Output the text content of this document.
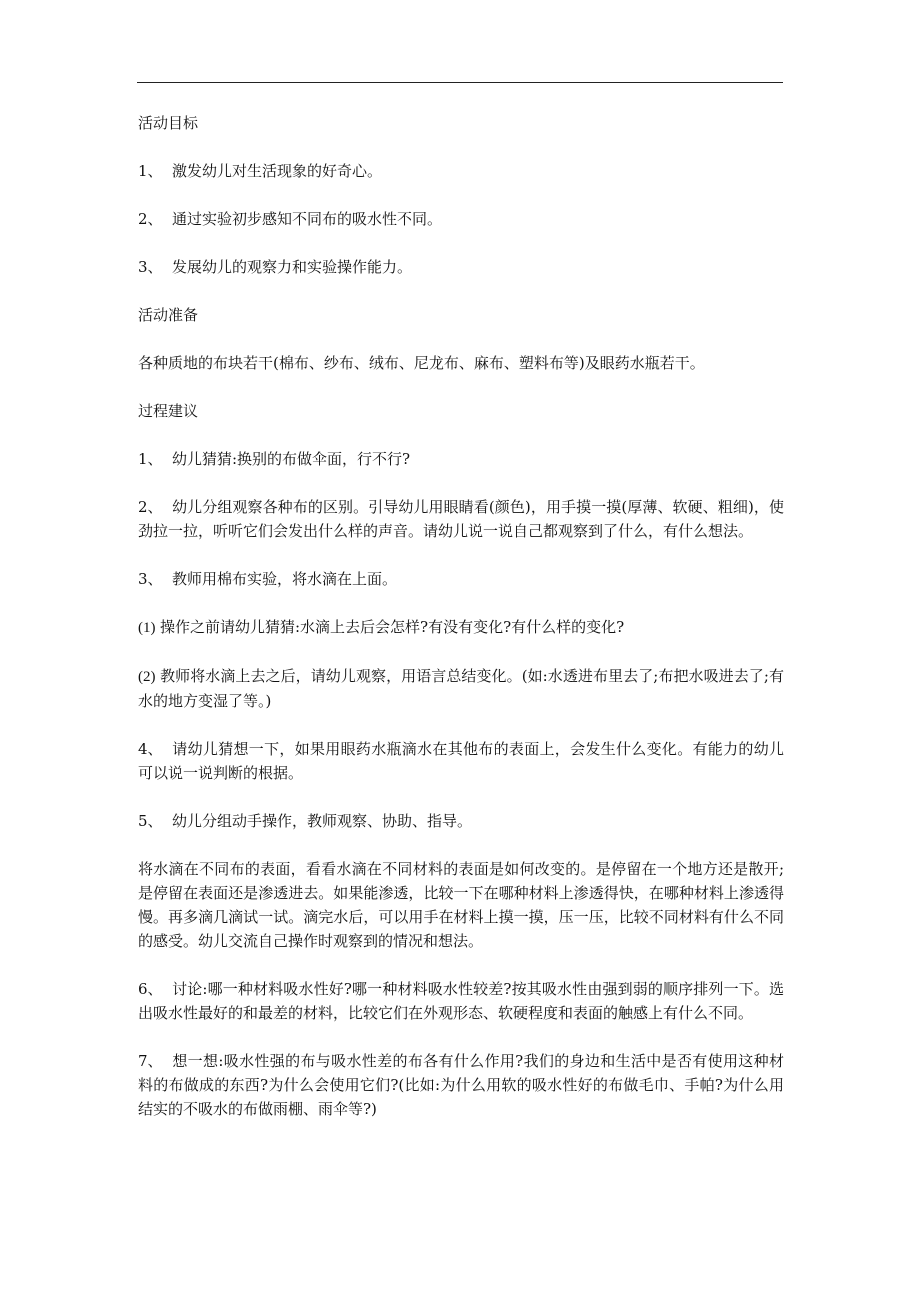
活动目标

1、 激发幼儿对生活现象的好奇心。

2、 通过实验初步感知不同布的吸水性不同。

3、 发展幼儿的观察力和实验操作能力。

活动准备

各种质地的布块若干(棉布、纱布、绒布、尼龙布、麻布、塑料布等)及眼药水瓶若干。

过程建议

1、 幼儿猜猜:换别的布做伞面，行不行?

2、 幼儿分组观察各种布的区别。引导幼儿用眼睛看(颜色)，用手摸一摸(厚薄、软硬、粗细)，使劲拉一拉，听听它们会发出什么样的声音。请幼儿说一说自己都观察到了什么，有什么想法。

3、 教师用棉布实验，将水滴在上面。

(1) 操作之前请幼儿猜猜:水滴上去后会怎样?有没有变化?有什么样的变化?

(2) 教师将水滴上去之后，请幼儿观察，用语言总结变化。(如:水透进布里去了;布把水吸进去了;有水的地方变湿了等。)

4、 请幼儿猜想一下，如果用眼药水瓶滴水在其他布的表面上，会发生什么变化。有能力的幼儿可以说一说判断的根据。

5、 幼儿分组动手操作，教师观察、协助、指导。

将水滴在不同布的表面，看看水滴在不同材料的表面是如何改变的。是停留在一个地方还是散开;是停留在表面还是渗透进去。如果能渗透，比较一下在哪种材料上渗透得快，在哪种材料上渗透得慢。再多滴几滴试一试。滴完水后，可以用手在材料上摸一摸，压一压，比较不同材料有什么不同的感受。幼儿交流自己操作时观察到的情况和想法。

6、 讨论:哪一种材料吸水性好?哪一种材料吸水性较差?按其吸水性由强到弱的顺序排列一下。选出吸水性最好的和最差的材料，比较它们在外观形态、软硬程度和表面的触感上有什么不同。

7、 想一想:吸水性强的布与吸水性差的布各有什么作用?我们的身边和生活中是否有使用这种材料的布做成的东西?为什么会使用它们?(比如:为什么用软的吸水性好的布做毛巾、手帕?为什么用结实的不吸水的布做雨棚、雨伞等?)
